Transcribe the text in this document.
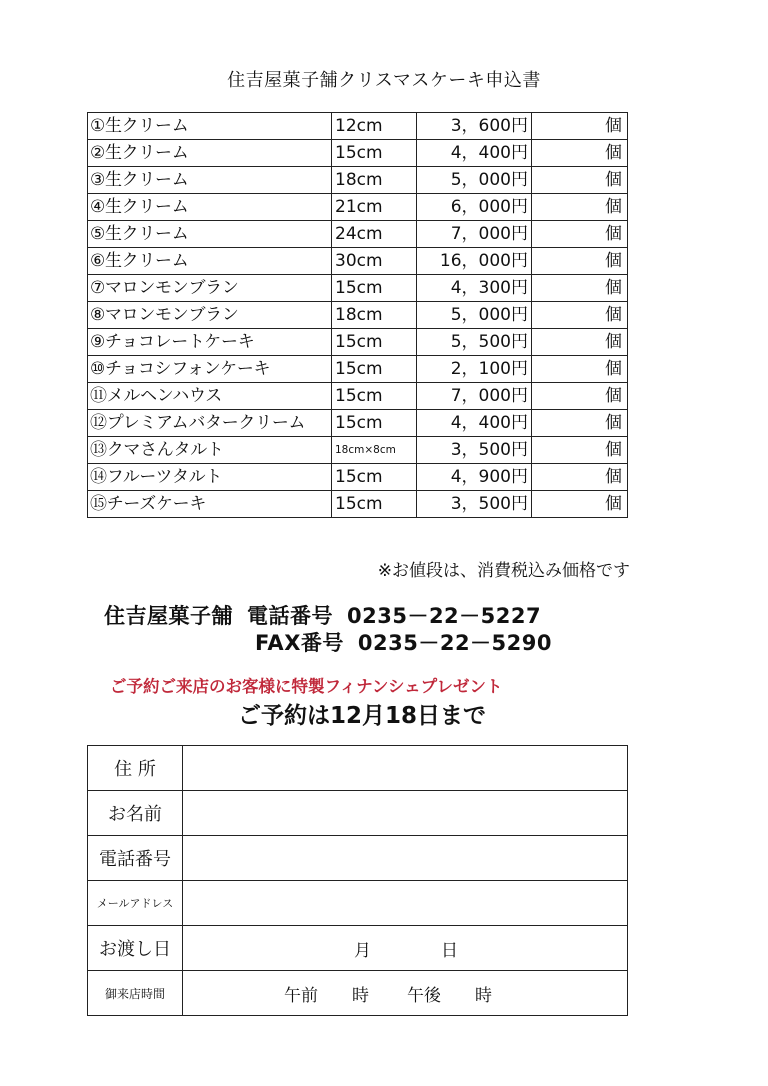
住吉屋菓子舗クリスマスケーキ申込書
①生クリーム	12cm	3，600円	個
②生クリーム	15cm	4，400円	個
③生クリーム	18cm	5，000円	個
④生クリーム	21cm	6，000円	個
⑤生クリーム	24cm	7，000円	個
⑥生クリーム	30cm	16，000円	個
⑦マロンモンブラン	15cm	4，300円	個
⑧マロンモンブラン	18cm	5，000円	個
⑨チョコレートケーキ	15cm	5，500円	個
⑩チョコシフォンケーキ	15cm	2，100円	個
⑪メルヘンハウス	15cm	7，000円	個
⑫プレミアムバタークリーム	15cm	4，400円	個
⑬クマさんタルト	18cm×8cm	3，500円	個
⑭フルーツタルト	15cm	4，900円	個
⑮チーズケーキ	15cm	3，500円	個
※お値段は、消費税込み価格です
住吉屋菓子舗 電話番号 0235－22－5227
FAX番号 0235－22－5290
ご予約ご来店のお客様に特製フィナンシェプレゼント
ご予約は12月18日まで
住 所	
お名前	
電話番号	
メールアドレス	
お渡し日	月 日
御来店時間	午前 時 午後 時
